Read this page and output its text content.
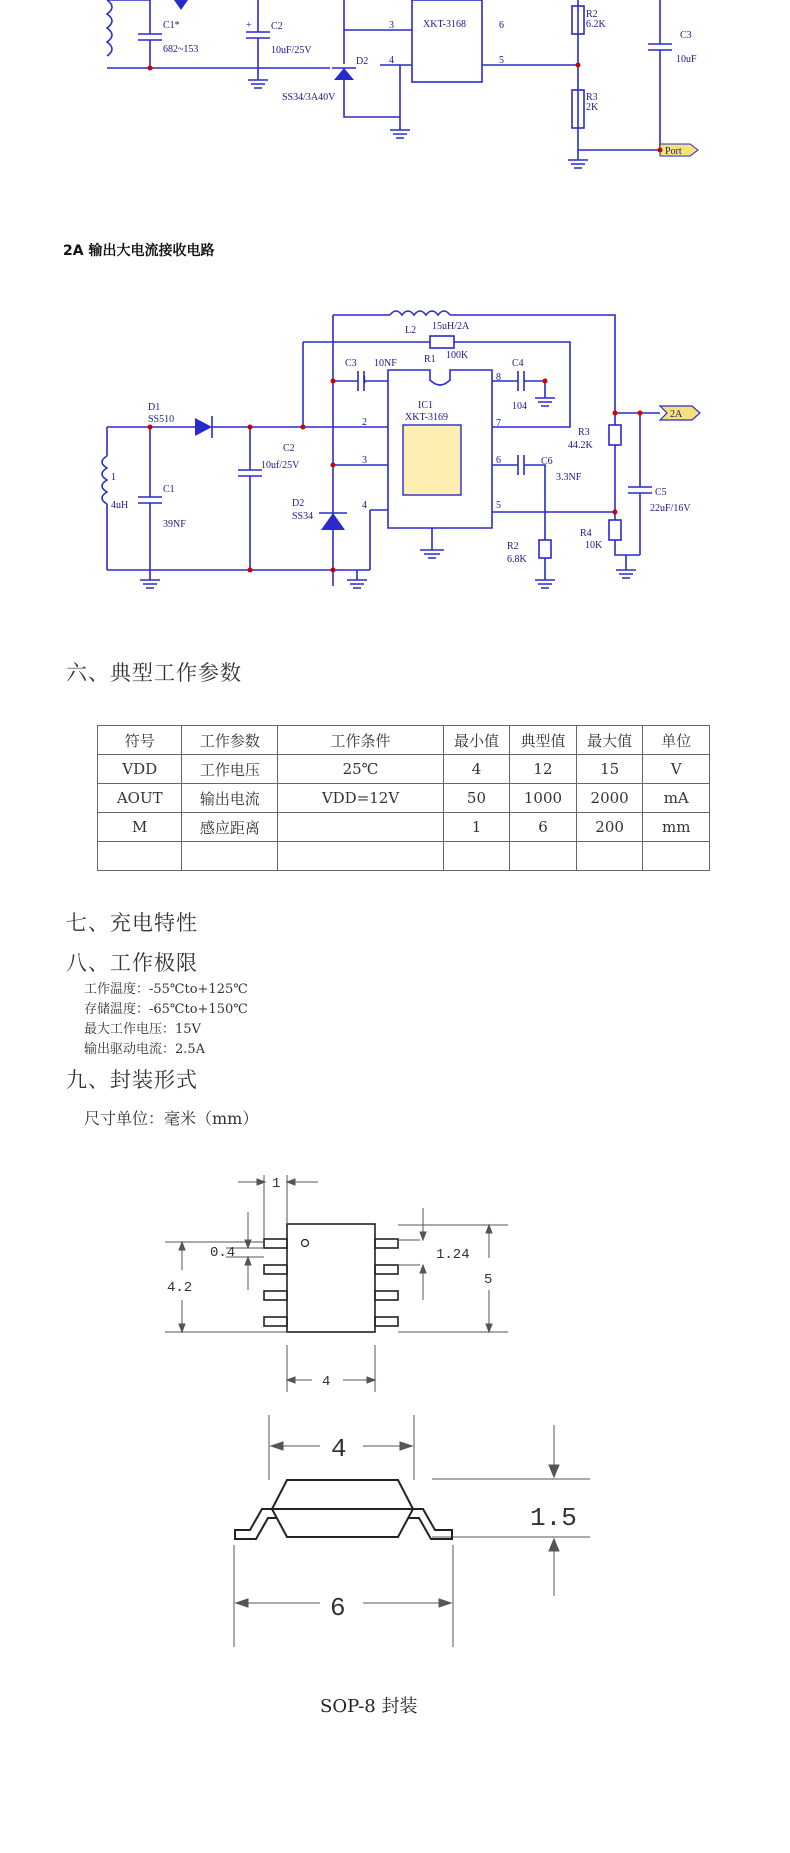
C1*
682~153
+ C2
10uF/25V
D2
SS34/3A40V
XKT-3168
3
4
6
5
R2
6.2K
R3
2K
C3
10uF
Port
2A 输出大电流接收电路
L2 15uH/2A
R1 100K
C3 10NF
1
IC1
XKT-3169
C4
104
8
D1
SS510	2	7
1
4uH
C1
39NF
C2
10uf/25V	3
D2
SS34
4
6	C6
3.3NF
R2
6.8K
5
R3
44.2K
R4
10K
C5
22uF/16V
2A
六、典型工作参数
符号	工作参数	工作条件	最小值	典型值	最大值	单位
VDD	工作电压	25℃	4	12	15	V
AOUT	输出电流	VDD=12V	50	1000	2000	mA
M	感应距离		1	6	200	mm

七、充电特性
八、工作极限
工作温度：-55℃to+125℃
存储温度：-65℃to+150℃
最大工作电压：15V
输出驱动电流：2.5A
九、封装形式
尺寸单位：毫米（mm）
1
0.4
4.2
1.24
5
4
4
1.5
6
SOP-8 封装
